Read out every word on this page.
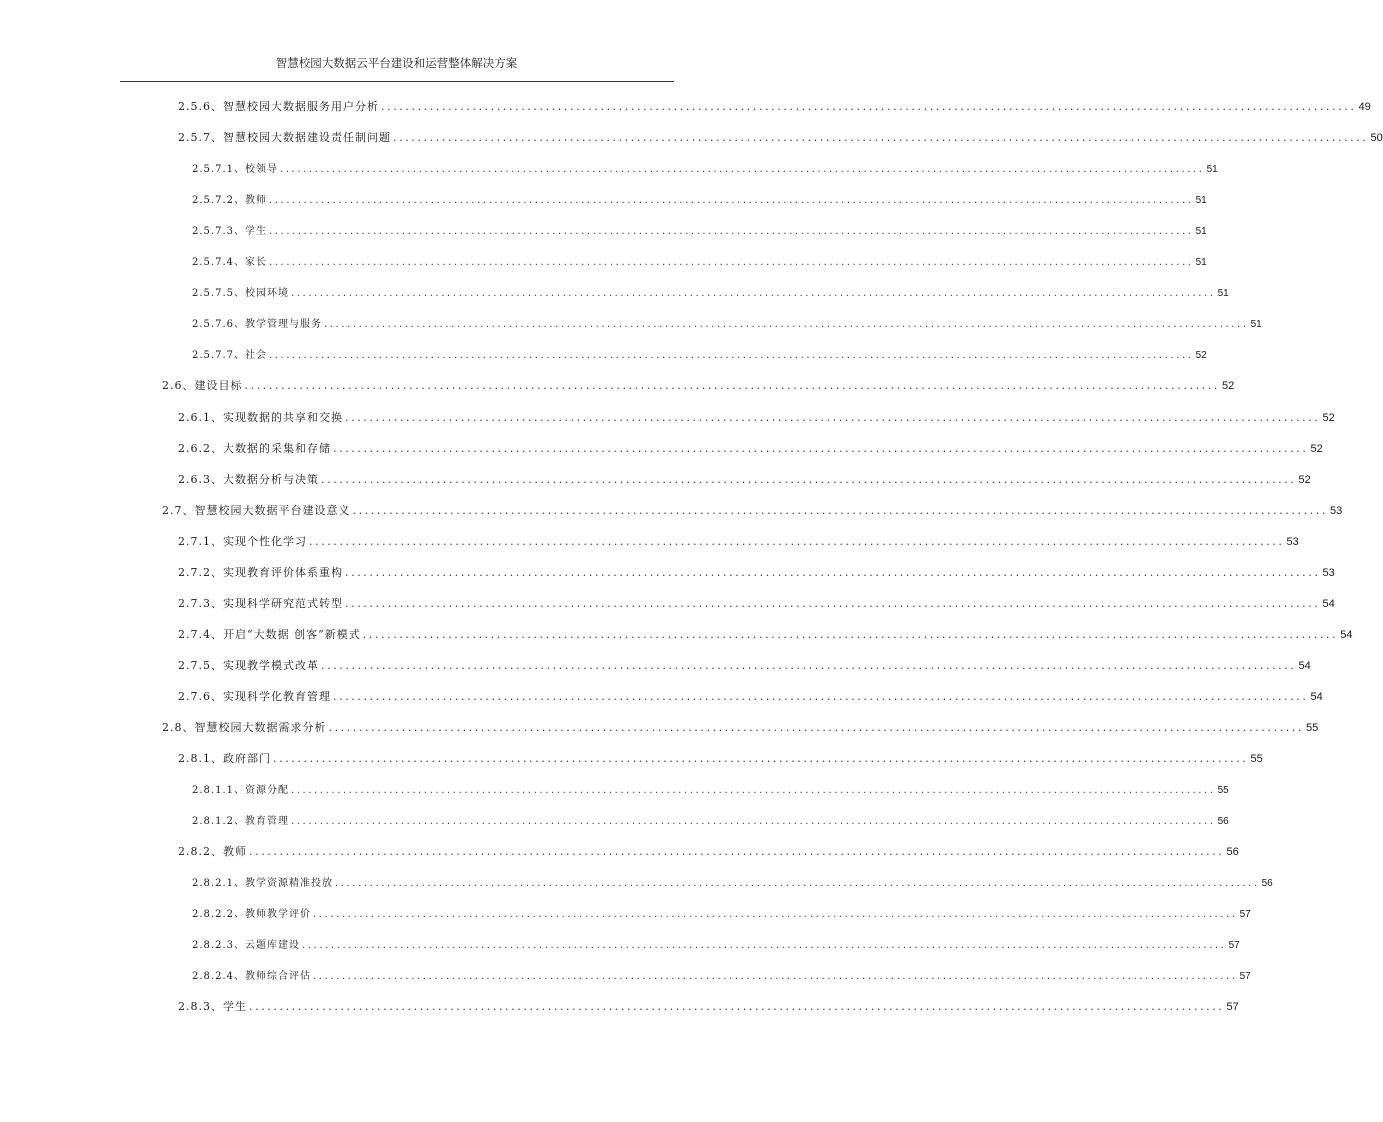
智慧校园大数据云平台建设和运营整体解决方案
2.5.6、 智慧校园大数据服务用户分析 ................................................................................................................................................................ 49
2.5.7、 智慧校园大数据建设责任制问题 ................................................................................................................................................................ 50
2.5.7.1、 校领导 ................................................................................................................................................................ 51
2.5.7.2、 教师 ................................................................................................................................................................ 51
2.5.7.3、 学生 ................................................................................................................................................................ 51
2.5.7.4、 家长 ................................................................................................................................................................ 51
2.5.7.5、 校园环境 ................................................................................................................................................................ 51
2.5.7.6、 教学管理与服务 ................................................................................................................................................................ 51
2.5.7.7、 社会 ................................................................................................................................................................ 52
2.6、 建设目标 ................................................................................................................................................................ 52
2.6.1、 实现数据的共享和交换 ................................................................................................................................................................ 52
2.6.2、 大数据的采集和存储 ................................................................................................................................................................ 52
2.6.3、 大数据分析与决策 ................................................................................................................................................................ 52
2.7、 智慧校园大数据平台建设意义 ................................................................................................................................................................ 53
2.7.1、 实现个性化学习 ................................................................................................................................................................ 53
2.7.2、 实现教育评价体系重构 ................................................................................................................................................................ 53
2.7.3、 实现科学研究范式转型 ................................................................................................................................................................ 54
2.7.4、 开启“大数据 创客”新模式 ................................................................................................................................................................ 54
2.7.5、 实现教学模式改革 ................................................................................................................................................................ 54
2.7.6、 实现科学化教育管理 ................................................................................................................................................................ 54
2.8、 智慧校园大数据需求分析 ................................................................................................................................................................ 55
2.8.1、 政府部门 ................................................................................................................................................................ 55
2.8.1.1、 资源分配 ................................................................................................................................................................ 55
2.8.1.2、 教育管理 ................................................................................................................................................................ 56
2.8.2、 教师 ................................................................................................................................................................ 56
2.8.2.1、 教学资源精准投放 ................................................................................................................................................................ 56
2.8.2.2、 教师教学评价 ................................................................................................................................................................ 57
2.8.2.3、 云题库建设 ................................................................................................................................................................ 57
2.8.2.4、 教师综合评估 ................................................................................................................................................................ 57
2.8.3、 学生 ................................................................................................................................................................ 57
